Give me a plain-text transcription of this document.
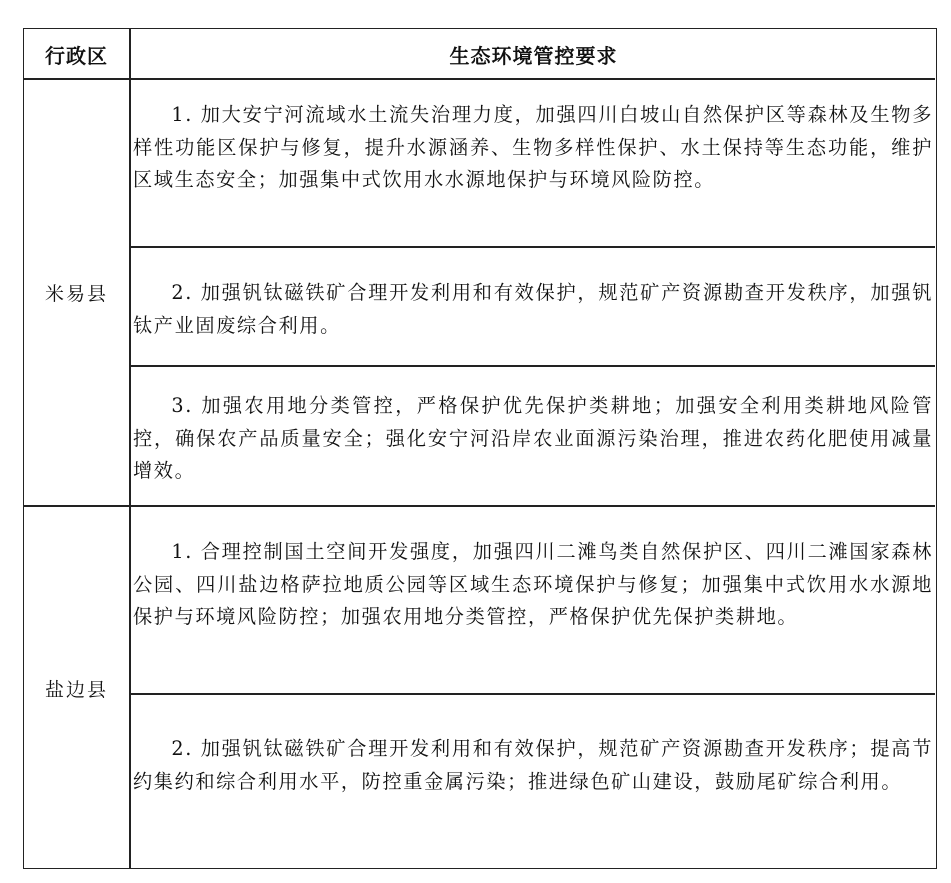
行政区	生态环境管控要求
米易县
1. 加大安宁河流域水土流失治理力度，加强四川白坡山自然保护区等森林及生物多样性功能区保护与修复，提升水源涵养、生物多样性保护、水土保持等生态功能，维护区域生态安全；加强集中式饮用水水源地保护与环境风险防控。
2. 加强钒钛磁铁矿合理开发利用和有效保护，规范矿产资源勘查开发秩序，加强钒钛产业固废综合利用。
3. 加强农用地分类管控，严格保护优先保护类耕地；加强安全利用类耕地风险管控，确保农产品质量安全；强化安宁河沿岸农业面源污染治理，推进农药化肥使用减量增效。
盐边县
1. 合理控制国土空间开发强度，加强四川二滩鸟类自然保护区、四川二滩国家森林公园、四川盐边格萨拉地质公园等区域生态环境保护与修复；加强集中式饮用水水源地保护与环境风险防控；加强农用地分类管控，严格保护优先保护类耕地。
2. 加强钒钛磁铁矿合理开发利用和有效保护，规范矿产资源勘查开发秩序；提高节约集约和综合利用水平，防控重金属污染；推进绿色矿山建设，鼓励尾矿综合利用。
